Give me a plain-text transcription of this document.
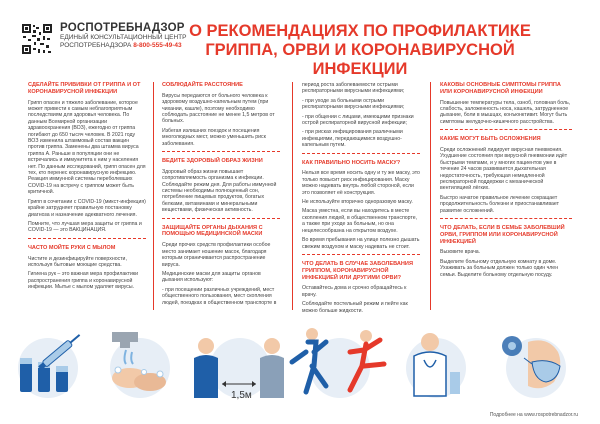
РОСПОТРЕБНАДЗОР
ЕДИНЫЙ КОНСУЛЬТАЦИОННЫЙ ЦЕНТР
РОСПОТРЕБНАДЗОРА 8-800-555-49-43
О РЕКОМЕНДАЦИЯХ ПО ПРОФИЛАКТИКЕ
ГРИППА, ОРВИ И КОРОНАВИРУСНОЙ ИНФЕКЦИИ
СДЕЛАЙТЕ ПРИВИВКИ ОТ ГРИППА И ОТ КОРОНАВИРУСНОЙ ИНФЕКЦИИ
Грипп опасен и тяжело заболевание, которое может привести к самым неблагоприятным последствиям для здоровья человека. По данным Всемирной организации здравоохранения (ВОЗ), ежегодно от гриппа погибают до 650 тысяч человек. В 2021 году ВОЗ изменила штаммовый состав вакцин против гриппа. Заменены два штамма вируса гриппа A. Раньше в популяции они не встречались и иммунитета к ним у населения нет. По данным исследований, грипп опасен для тех, кто перенес коронавирусную инфекцию. Реакция иммунной системы переболевших COVID-19 на встречу с гриппом может быть критичной.
Грипп в сочетании с COVID-19 (микст-инфекция) крайне затрудняет правильную постановку диагноза и назначение адекватного лечения.
Помните, что лучшая мера защиты от гриппа и COVID-19 — это ВАКЦИНАЦИЯ.
ЧАСТО МОЙТЕ РУКИ С МЫЛОМ
Чистите и дезинфицируйте поверхности, используя бытовые моющие средства.
Гигиена рук – это важная мера профилактики распространения гриппа и коронавирусной инфекции. Мытье с мылом удаляет вирусы.
СОБЛЮДАЙТЕ РАССТОЯНИЕ
Вирусы передаются от больного человека к здоровому воздушно-капельным путем (при чихании, кашле), поэтому необходимо соблюдать расстояние не менее 1,5 метров от больных.
Избегая излишних поездок и посещения многолюдных мест, можно уменьшить риск заболевания.
ВЕДИТЕ ЗДОРОВЫЙ ОБРАЗ ЖИЗНИ
Здоровый образ жизни повышает сопротивляемость организма к инфекции. Соблюдайте режим дня. Для работы иммунной системы необходимы полноценный сон, потребление пищевых продуктов, богатых белками, витаминами и минеральными веществами, физическая активность.
ЗАЩИЩАЙТЕ ОРГАНЫ ДЫХАНИЯ С ПОМОЩЬЮ МЕДИЦИНСКОЙ МАСКИ
Среди прочих средств профилактики особое место занимает ношение масок, благодаря которым ограничивается распространение вируса.
Медицинские маски для защиты органов дыхания используют:
- при посещении различных учреждений, мест общественного пользования, мест скопления людей, поездках в общественном транспорте в
период роста заболеваемости острыми респираторными вирусными инфекциями;
- при уходе за больными острыми респираторными вирусными инфекциями;
- при общении с лицами, имеющими признаки острой респираторной вирусной инфекции;
- при рисках инфицирования различными инфекциями, передающимися воздушно-капельным путем.
КАК ПРАВИЛЬНО НОСИТЬ МАСКУ?
Нельзя все время носить одну и ту же маску, это только повысит риск инфицирования. Маску можно надевать внутрь любой стороной, если это позволяет её конструкция.
Не используйте вторично одноразовую маску.
Маска уместна, если вы находитесь в месте скопления людей, в общественном транспорте, а также при уходе за больным, но она нецелесообразна на открытом воздухе.
Во время пребывания на улице полезно дышать свежим воздухом и маску надевать не стоит.
ЧТО ДЕЛАТЬ В СЛУЧАЕ ЗАБОЛЕВАНИЯ ГРИППОМ, КОРОНАВИРУСНОЙ ИНФЕКЦИЕЙ ИЛИ ДРУГИМИ ОРВИ?
Оставайтесь дома и срочно обращайтесь к врачу.
Соблюдайте постельный режим и пейте как можно больше жидкости.
КАКОВЫ ОСНОВНЫЕ СИМПТОМЫ ГРИППА ИЛИ КОРОНАВИРУСНОЙ ИНФЕКЦИИ
Повышение температуры тела, озноб, головная боль, слабость, заложенность носа, кашель, затрудненное дыхание, боли в мышцах, конъюнктивит. Могут быть симптомы желудочно-кишечного расстройства.
КАКИЕ МОГУТ БЫТЬ ОСЛОЖНЕНИЯ
Среди осложнений лидирует вирусная пневмония. Ухудшение состояния при вирусной пневмонии идёт быстрыми темпами, и у многих пациентов уже в течение 24 часов развивается дыхательная недостаточность, требующая немедленной респираторной поддержки с механической вентиляцией лёгких.
Быстро начатое правильное лечение сокращает продолжительность болезни и приостанавливает развитие осложнений.
ЧТО ДЕЛАТЬ, ЕСЛИ В СЕМЬЕ ЗАБОЛЕВШИЙ ОРВИ, ГРИППОМ ИЛИ КОРОНАВИРУСНОЙ ИНФЕКЦИЕЙ
Вызовите врача.
Выделите больному отдельную комнату в доме. Ухаживать за больным должен только один член семьи. Выделите больному отдельную посуду.
1,5м
Подробнее на www.rospotrebnadzor.ru
